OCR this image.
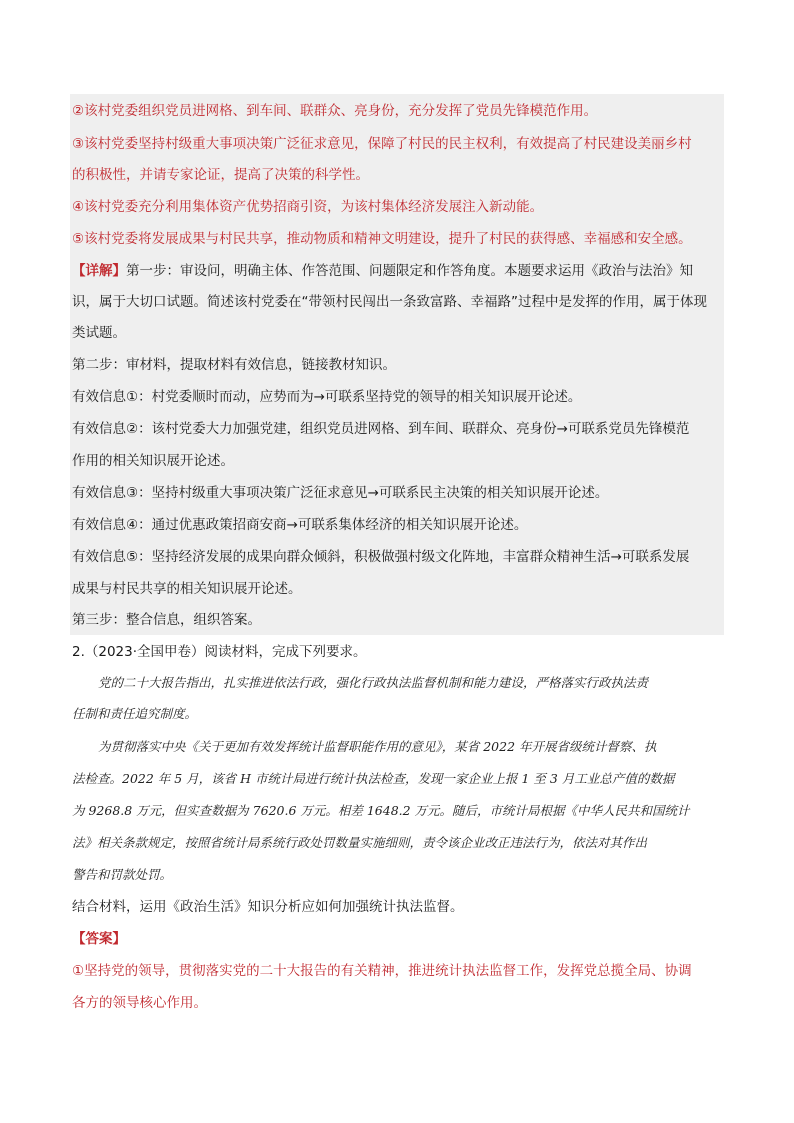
②该村党委组织党员进网格、到车间、联群众、亮身份，充分发挥了党员先锋模范作用。
③该村党委坚持村级重大事项决策广泛征求意见，保障了村民的民主权利，有效提高了村民建设美丽乡村
的积极性，并请专家论证，提高了决策的科学性。
④该村党委充分利用集体资产优势招商引资，为该村集体经济发展注入新动能。
⑤该村党委将发展成果与村民共享，推动物质和精神文明建设，提升了村民的获得感、幸福感和安全感。
【详解】第一步：审设问，明确主体、作答范围、问题限定和作答角度。本题要求运用《政治与法治》知
识，属于大切口试题。简述该村党委在“带领村民闯出一条致富路、幸福路”过程中是发挥的作用，属于体现
类试题。
第二步：审材料，提取材料有效信息，链接教材知识。
有效信息①：村党委顺时而动，应势而为→可联系坚持党的领导的相关知识展开论述。
有效信息②：该村党委大力加强党建，组织党员进网格、到车间、联群众、亮身份→可联系党员先锋模范
作用的相关知识展开论述。
有效信息③：坚持村级重大事项决策广泛征求意见→可联系民主决策的相关知识展开论述。
有效信息④：通过优惠政策招商安商→可联系集体经济的相关知识展开论述。
有效信息⑤：坚持经济发展的成果向群众倾斜，积极做强村级文化阵地，丰富群众精神生活→可联系发展
成果与村民共享的相关知识展开论述。
第三步：整合信息，组织答案。
2.（2023·全国甲卷）阅读材料，完成下列要求。
党的二十大报告指出，扎实推进依法行政，强化行政执法监督机制和能力建设，严格落实行政执法责
任制和责任追究制度。
为贯彻落实中央《关于更加有效发挥统计监督职能作用的意见》，某省 2022 年开展省级统计督察、执
法检查。2022 年 5 月，该省 H 市统计局进行统计执法检查，发现一家企业上报 1 至 3 月工业总产值的数据
为 9268.8 万元，但实查数据为 7620.6 万元。相差 1648.2 万元。随后，市统计局根据《中华人民共和国统计
法》相关条款规定，按照省统计局系统行政处罚数量实施细则，责令该企业改正违法行为，依法对其作出
警告和罚款处罚。
结合材料，运用《政治生活》知识分析应如何加强统计执法监督。
【答案】
①坚持党的领导，贯彻落实党的二十大报告的有关精神，推进统计执法监督工作，发挥党总揽全局、协调
各方的领导核心作用。
